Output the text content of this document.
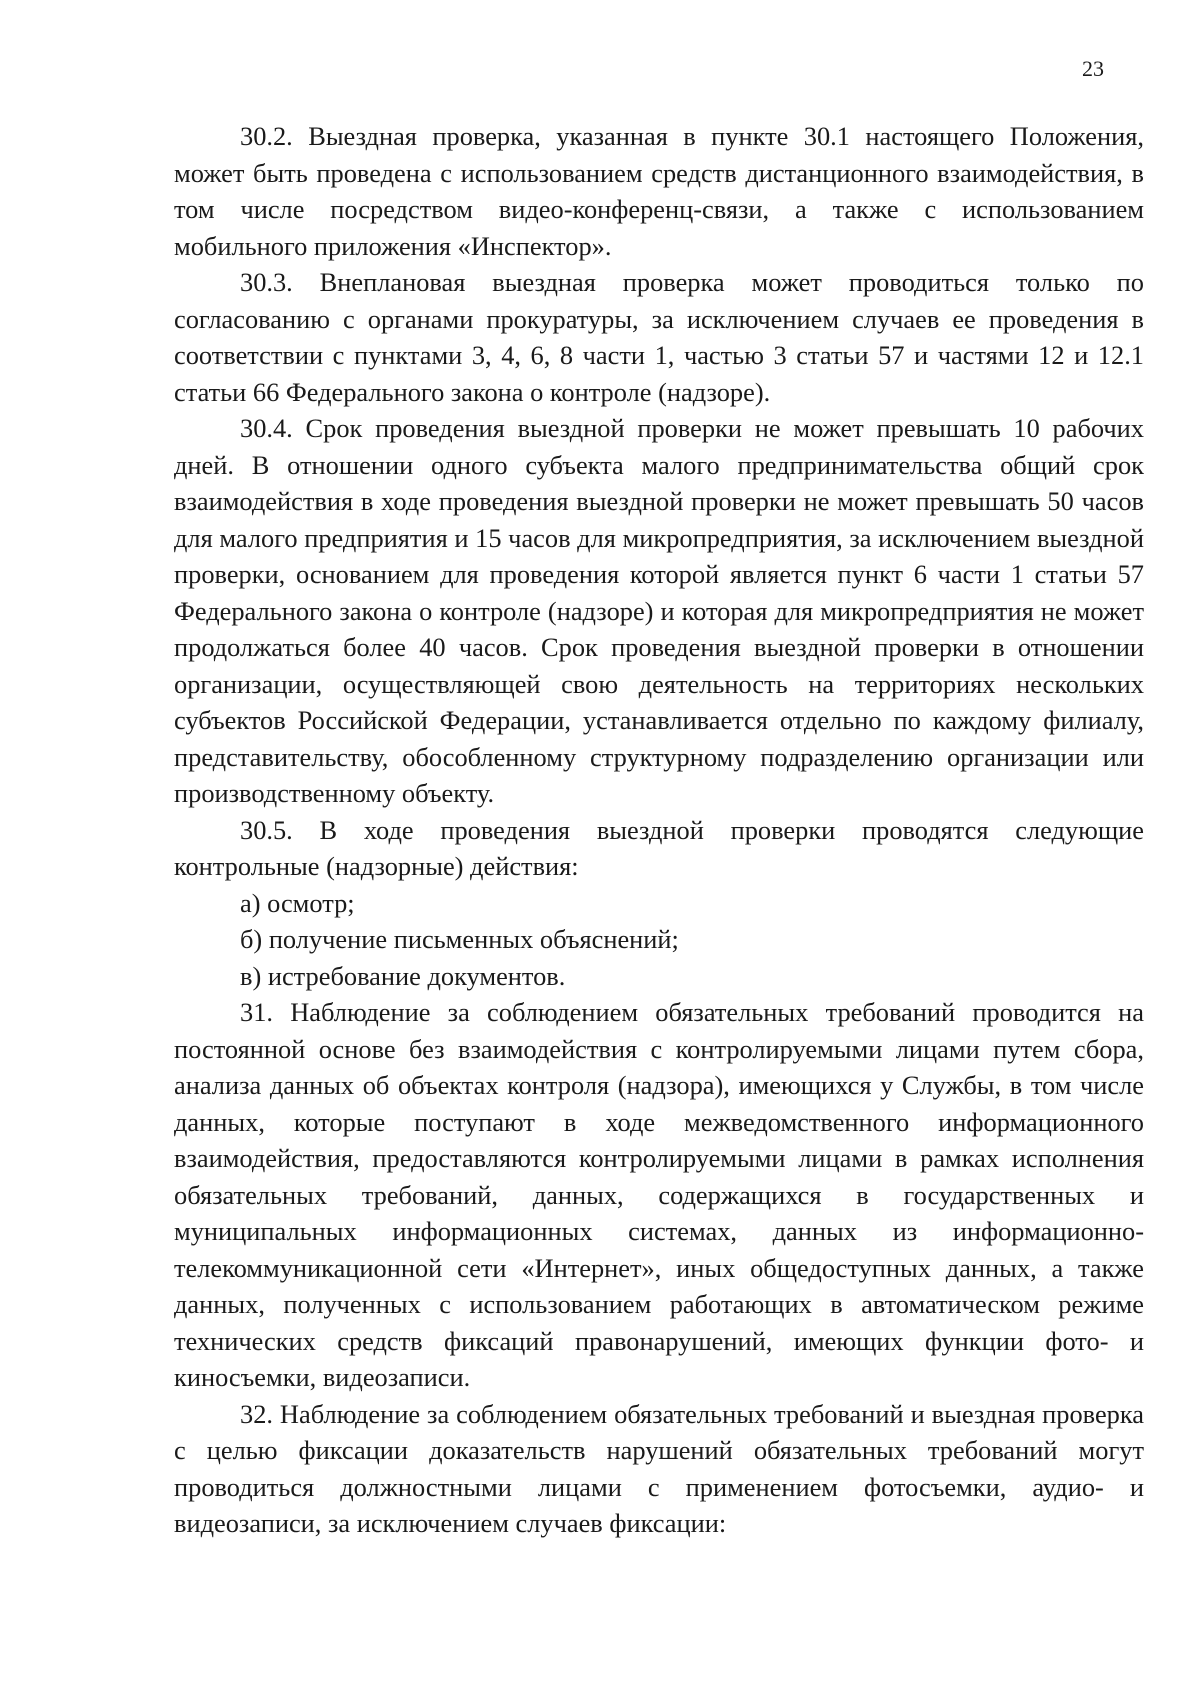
23

30.2. Выездная проверка, указанная в пункте 30.1 настоящего Положения, может быть проведена с использованием средств дистанционного взаимодействия, в том числе посредством видео-конференц-связи, а также с использованием мобильного приложения «Инспектор».

30.3. Внеплановая выездная проверка может проводиться только по согласованию с органами прокуратуры, за исключением случаев ее проведения в соответствии с пунктами 3, 4, 6, 8 части 1, частью 3 статьи 57 и частями 12 и 12.1 статьи 66 Федерального закона о контроле (надзоре).

30.4. Срок проведения выездной проверки не может превышать 10 рабочих дней. В отношении одного субъекта малого предпринимательства общий срок взаимодействия в ходе проведения выездной проверки не может превышать 50 часов для малого предприятия и 15 часов для микропредприятия, за исключением выездной проверки, основанием для проведения которой является пункт 6 части 1 статьи 57 Федерального закона о контроле (надзоре) и которая для микропредприятия не может продолжаться более 40 часов. Срок проведения выездной проверки в отношении организации, осуществляющей свою деятельность на территориях нескольких субъектов Российской Федерации, устанавливается отдельно по каждому филиалу, представительству, обособленному структурному подразделению организации или производственному объекту.

30.5. В ходе проведения выездной проверки проводятся следующие контрольные (надзорные) действия:

а) осмотр;

б) получение письменных объяснений;

в) истребование документов.

31. Наблюдение за соблюдением обязательных требований проводится на постоянной основе без взаимодействия с контролируемыми лицами путем сбора, анализа данных об объектах контроля (надзора), имеющихся у Службы, в том числе данных, которые поступают в ходе межведомственного информационного взаимодействия, предоставляются контролируемыми лицами в рамках исполнения обязательных требований, данных, содержащихся в государственных и муниципальных информационных системах, данных из информационно-телекоммуникационной сети «Интернет», иных общедоступных данных, а также данных, полученных с использованием работающих в автоматическом режиме технических средств фиксаций правонарушений, имеющих функции фото- и киносъемки, видеозаписи.

32. Наблюдение за соблюдением обязательных требований и выездная проверка с целью фиксации доказательств нарушений обязательных требований могут проводиться должностными лицами с применением фотосъемки, аудио- и видеозаписи, за исключением случаев фиксации:
